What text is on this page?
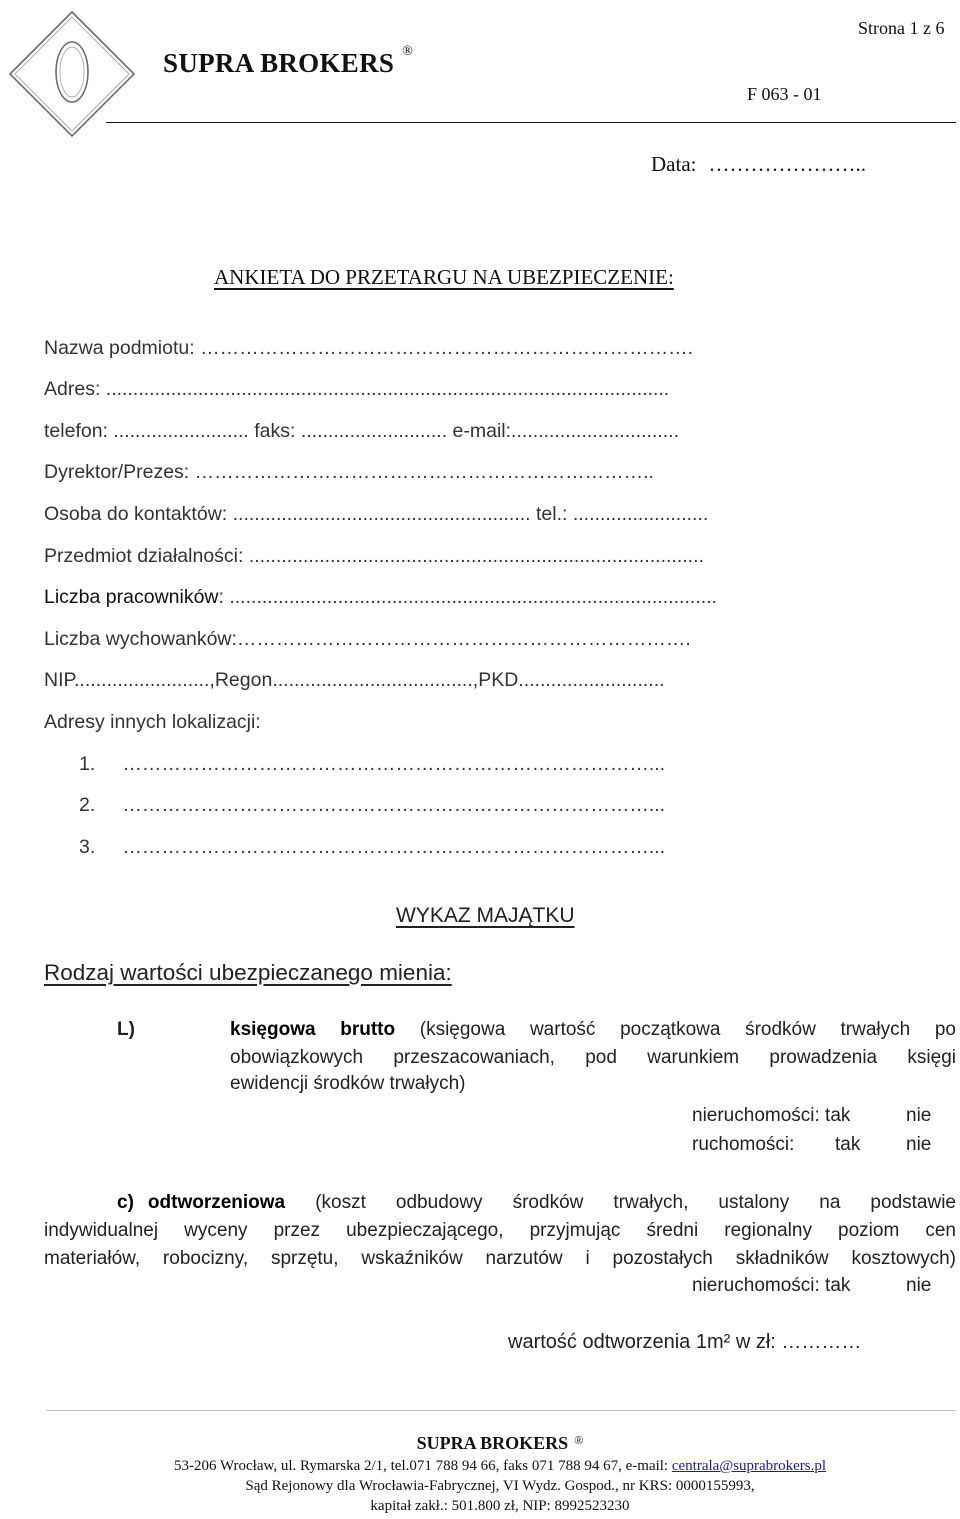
Strona 1 z 6
SUPRA BROKERS ®
F 063 - 01
Data: …………………..
ANKIETA DO PRZETARGU NA UBEZPIECZENIE:
Nazwa podmiotu: ………………………………………………………………….
Adres: ........................................................................................................
telefon: ......................... faks: ........................... e-mail:...............................
Dyrektor/Prezes: ……………………………………………………………..
Osoba do kontaktów: ....................................................... tel.: .........................
Przedmiot działalności: ....................................................................................
Liczba pracowników: ..........................................................................................
Liczba wychowanków:…………………………………………………………….
NIP.........................,Regon.....................................,PKD...........................
Adresy innych lokalizacji:
1.     ………………………………………………………………………...
2.     ………………………………………………………………………...
3.     ………………………………………………………………………...
WYKAZ MAJĄTKU
Rodzaj wartości ubezpieczanego mienia:
L)	księgowa brutto (księgowa wartość początkowa środków trwałych po
obowiązkowych przeszacowaniach, pod warunkiem prowadzenia księgi
ewidencji środków trwałych)
nieruchomości: tak	nie
ruchomości: tak nie
c) odtworzeniowa (koszt odbudowy środków trwałych, ustalony na podstawie
indywidualnej wyceny przez ubezpieczającego, przyjmując średni regionalny poziom cen
materiałów, robocizny, sprzętu, wskaźników narzutów i pozostałych składników kosztowych)
nieruchomości: tak	nie
wartość odtworzenia 1m² w zł: …………
SUPRA BROKERS ®
53-206 Wrocław, ul. Rymarska 2/1, tel.071 788 94 66, faks 071 788 94 67, e-mail: centrala@suprabrokers.pl
Sąd Rejonowy dla Wrocławia-Fabrycznej, VI Wydz. Gospod., nr KRS: 0000155993,
kapitał zakł.: 501.800 zł, NIP: 8992523230
